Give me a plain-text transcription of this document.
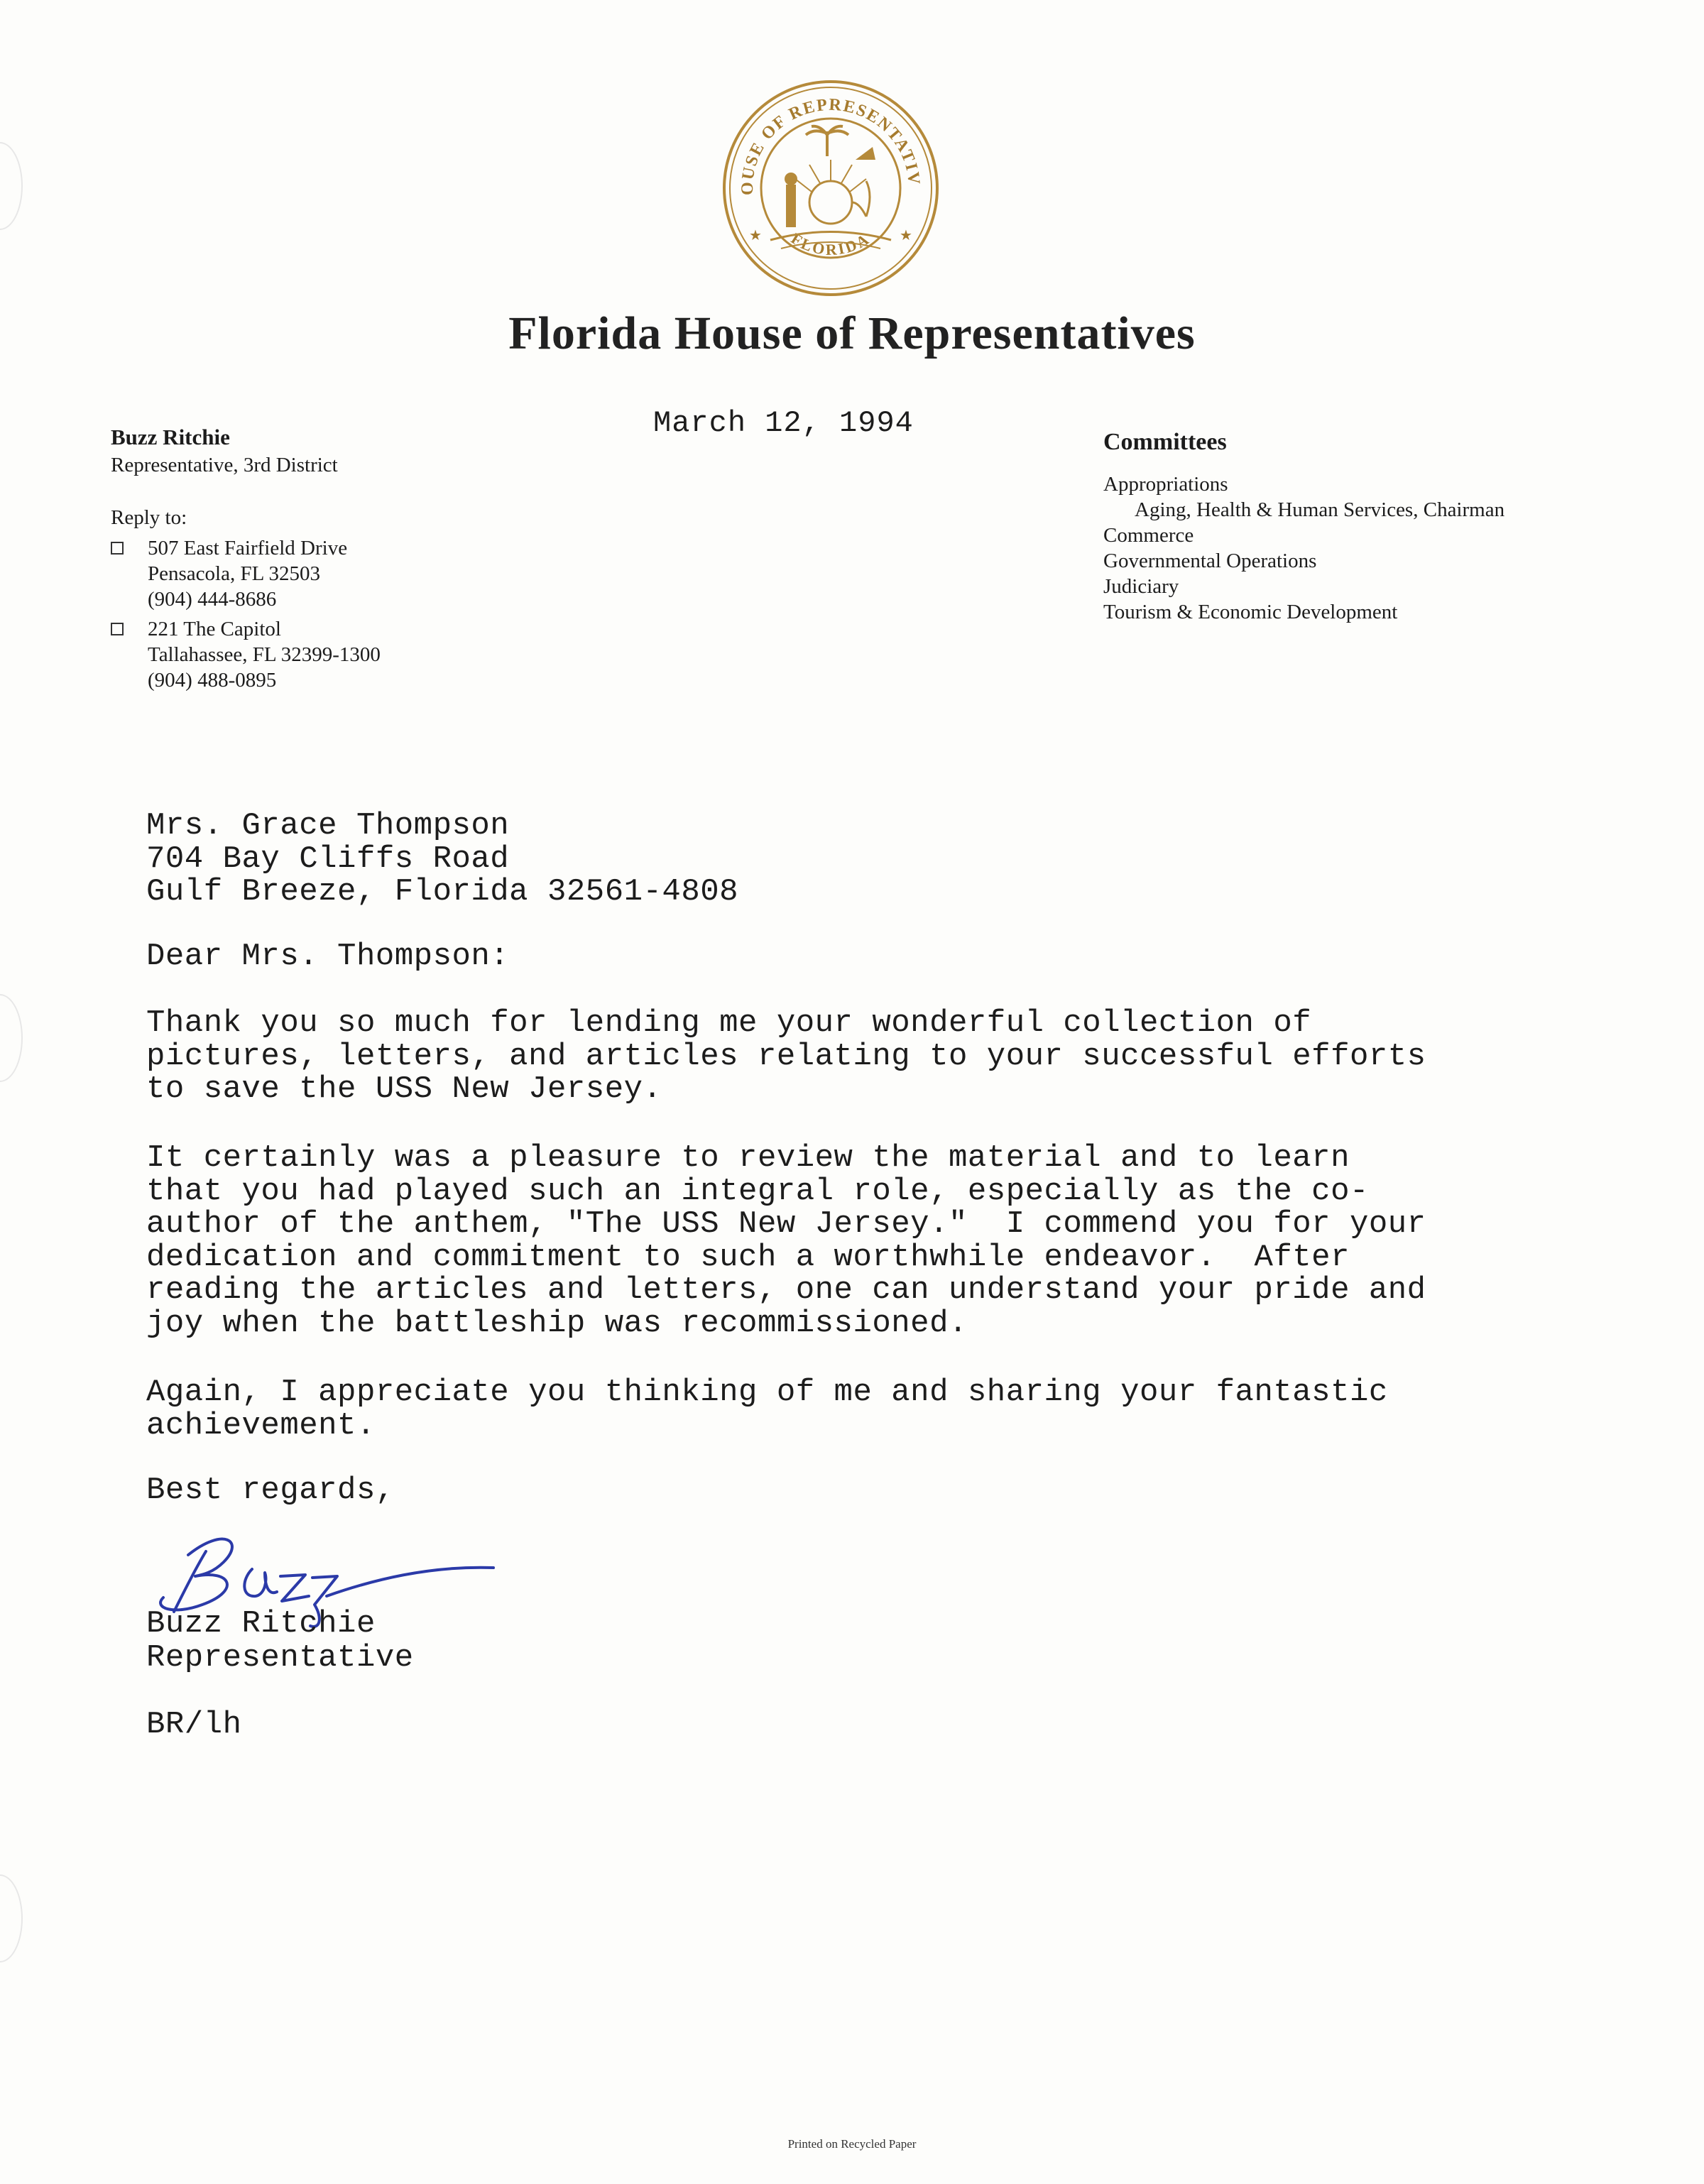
OUSE OF REPRESENTATIV
FLORIDA
★	★
Florida House of Representatives
Buzz Ritchie
Representative, 3rd District
Reply to:
507 East Fairfield Drive
Pensacola, FL 32503
(904) 444-8686
221 The Capitol
Tallahassee, FL 32399-1300
(904) 488-0895
March 12, 1994
Committees
Appropriations
Aging, Health & Human Services, Chairman
Commerce
Governmental Operations
Judiciary
Tourism & Economic Development
Mrs. Grace Thompson
704 Bay Cliffs Road
Gulf Breeze, Florida 32561-4808
Dear Mrs. Thompson:
Thank you so much for lending me your wonderful collection of
pictures, letters, and articles relating to your successful efforts
to save the USS New Jersey.
It certainly was a pleasure to review the material and to learn
that you had played such an integral role, especially as the co-
author of the anthem, "The USS New Jersey."  I commend you for your
dedication and commitment to such a worthwhile endeavor.  After
reading the articles and letters, one can understand your pride and
joy when the battleship was recommissioned.
Again, I appreciate you thinking of me and sharing your fantastic
achievement.
Best regards,
Buzz Ritchie
Representative
BR/lh
Printed on Recycled Paper
